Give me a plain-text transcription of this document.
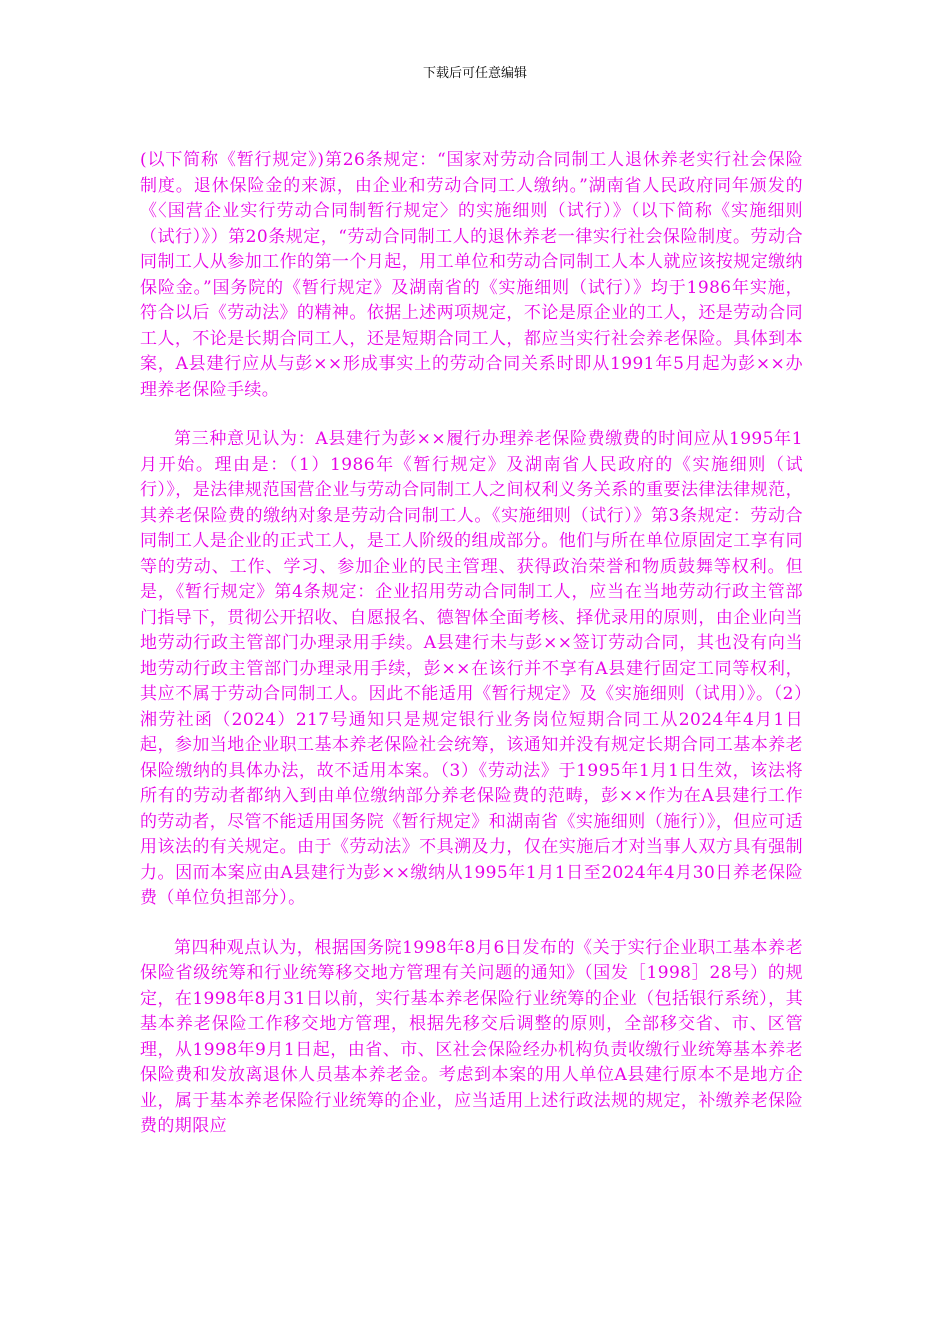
下载后可任意编辑

(以下简称《暂行规定》)第26条规定：“国家对劳动合同制工人退休养老实行社会保险制度。退休保险金的来源，由企业和劳动合同工人缴纳。”湖南省人民政府同年颁发的《〈国营企业实行劳动合同制暂行规定〉的实施细则（试行）》（以下简称《实施细则（试行）》）第20条规定，“劳动合同制工人的退休养老一律实行社会保险制度。劳动合同制工人从参加工作的第一个月起，用工单位和劳动合同制工人本人就应该按规定缴纳保险金。”国务院的《暂行规定》及湖南省的《实施细则（试行）》均于1986年实施，符合以后《劳动法》的精神。依据上述两项规定，不论是原企业的工人，还是劳动合同工人，不论是长期合同工人，还是短期合同工人，都应当实行社会养老保险。具体到本案，A县建行应从与彭××形成事实上的劳动合同关系时即从1991年5月起为彭××办理养老保险手续。

第三种意见认为：A县建行为彭××履行办理养老保险费缴费的时间应从1995年1月开始。理由是：（1）1986年《暂行规定》及湖南省人民政府的《实施细则（试行）》，是法律规范国营企业与劳动合同制工人之间权利义务关系的重要法律法律规范，其养老保险费的缴纳对象是劳动合同制工人。《实施细则（试行）》第3条规定：劳动合同制工人是企业的正式工人，是工人阶级的组成部分。他们与所在单位原固定工享有同等的劳动、工作、学习、参加企业的民主管理、获得政治荣誉和物质鼓舞等权利。但是，《暂行规定》第4条规定：企业招用劳动合同制工人，应当在当地劳动行政主管部门指导下，贯彻公开招收、自愿报名、德智体全面考核、择优录用的原则，由企业向当地劳动行政主管部门办理录用手续。A县建行未与彭××签订劳动合同，其也没有向当地劳动行政主管部门办理录用手续，彭××在该行并不享有A县建行固定工同等权利，其应不属于劳动合同制工人。因此不能适用《暂行规定》及《实施细则（试用）》。（2）湘劳社函（2024）217号通知只是规定银行业务岗位短期合同工从2024年4月1日起，参加当地企业职工基本养老保险社会统筹，该通知并没有规定长期合同工基本养老保险缴纳的具体办法，故不适用本案。（3）《劳动法》于1995年1月1日生效，该法将所有的劳动者都纳入到由单位缴纳部分养老保险费的范畴，彭××作为在A县建行工作的劳动者，尽管不能适用国务院《暂行规定》和湖南省《实施细则（施行）》，但应可适用该法的有关规定。由于《劳动法》不具溯及力，仅在实施后才对当事人双方具有强制力。因而本案应由A县建行为彭××缴纳从1995年1月1日至2024年4月30日养老保险费（单位负担部分）。

第四种观点认为，根据国务院1998年8月6日发布的《关于实行企业职工基本养老保险省级统筹和行业统筹移交地方管理有关问题的通知》（国发［1998］28号）的规定，在1998年8月31日以前，实行基本养老保险行业统筹的企业（包括银行系统），其基本养老保险工作移交地方管理，根据先移交后调整的原则，全部移交省、市、区管理，从1998年9月1日起，由省、市、区社会保险经办机构负责收缴行业统筹基本养老保险费和发放离退休人员基本养老金。考虑到本案的用人单位A县建行原本不是地方企业，属于基本养老保险行业统筹的企业，应当适用上述行政法规的规定，补缴养老保险费的期限应
